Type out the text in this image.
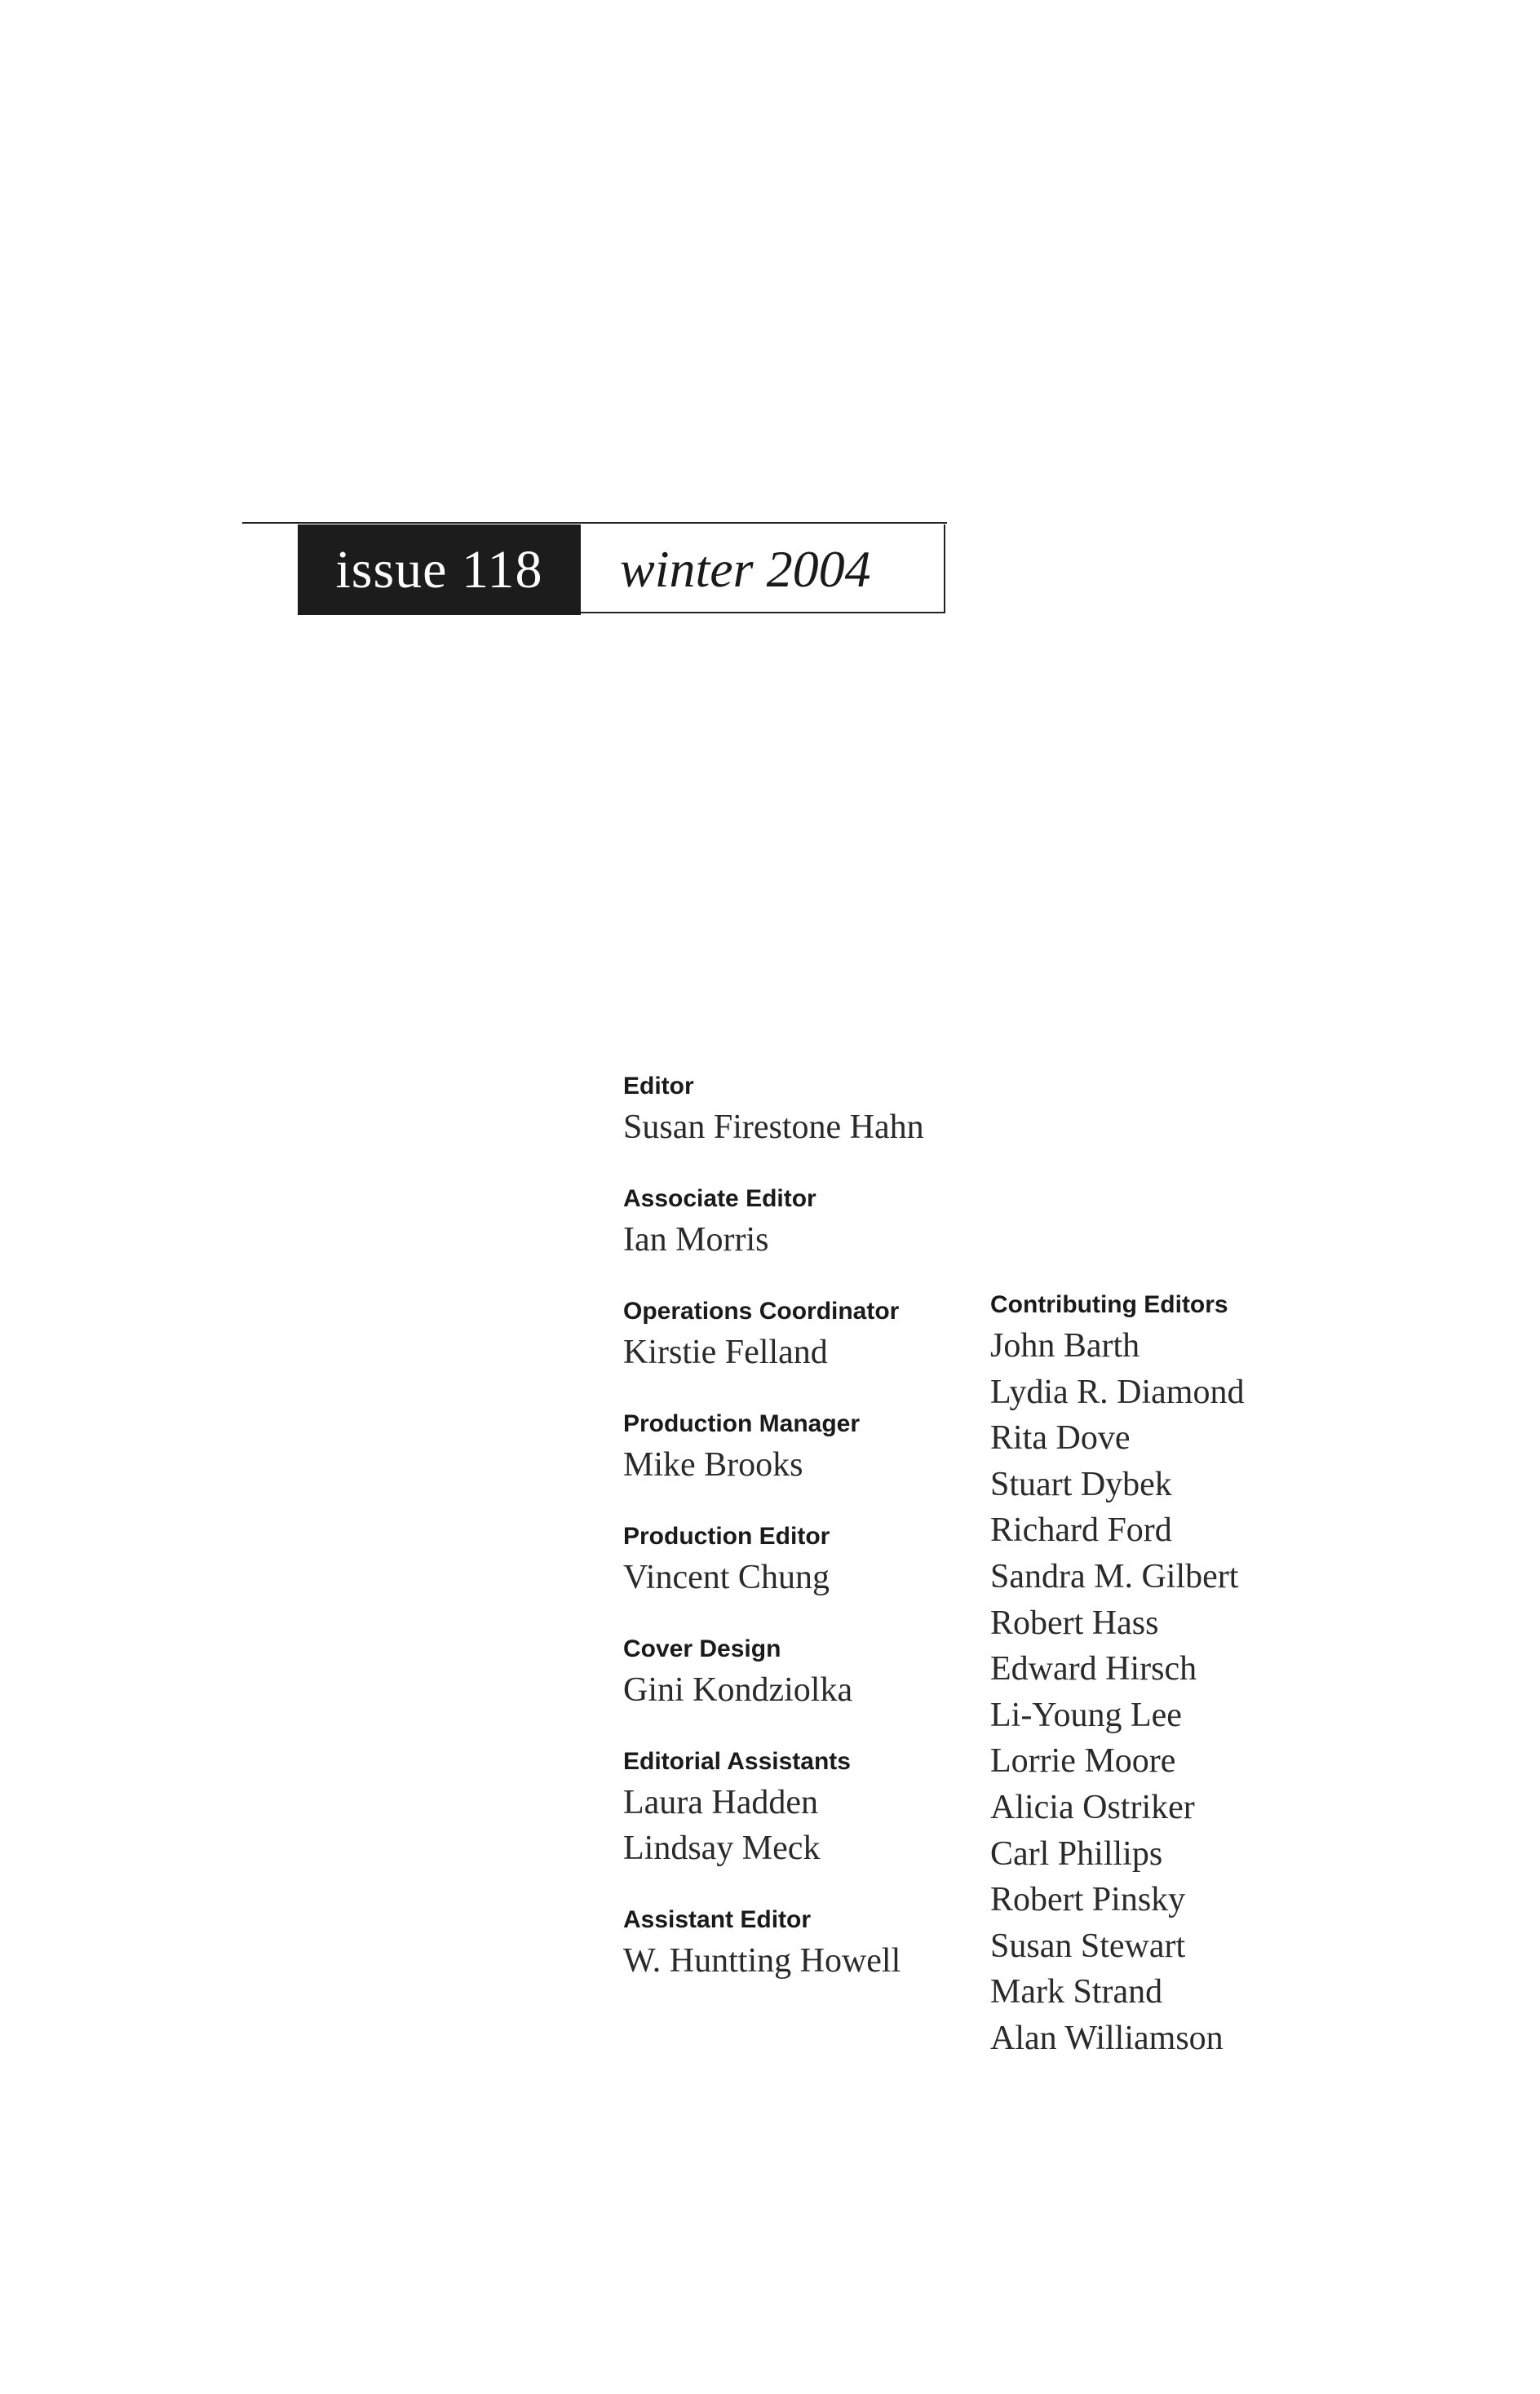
issue 118	winter 2004

Editor

Susan Firestone Hahn

Associate Editor

Ian Morris

Operations Coordinator

Kirstie Felland

Production Manager

Mike Brooks

Production Editor

Vincent Chung

Cover Design

Gini Kondziolka

Editorial Assistants

Laura Hadden

Lindsay Meck

Assistant Editor

W. Huntting Howell

Contributing Editors

John Barth

Lydia R. Diamond

Rita Dove

Stuart Dybek

Richard Ford

Sandra M. Gilbert

Robert Hass

Edward Hirsch

Li-Young Lee

Lorrie Moore

Alicia Ostriker

Carl Phillips

Robert Pinsky

Susan Stewart

Mark Strand

Alan Williamson
